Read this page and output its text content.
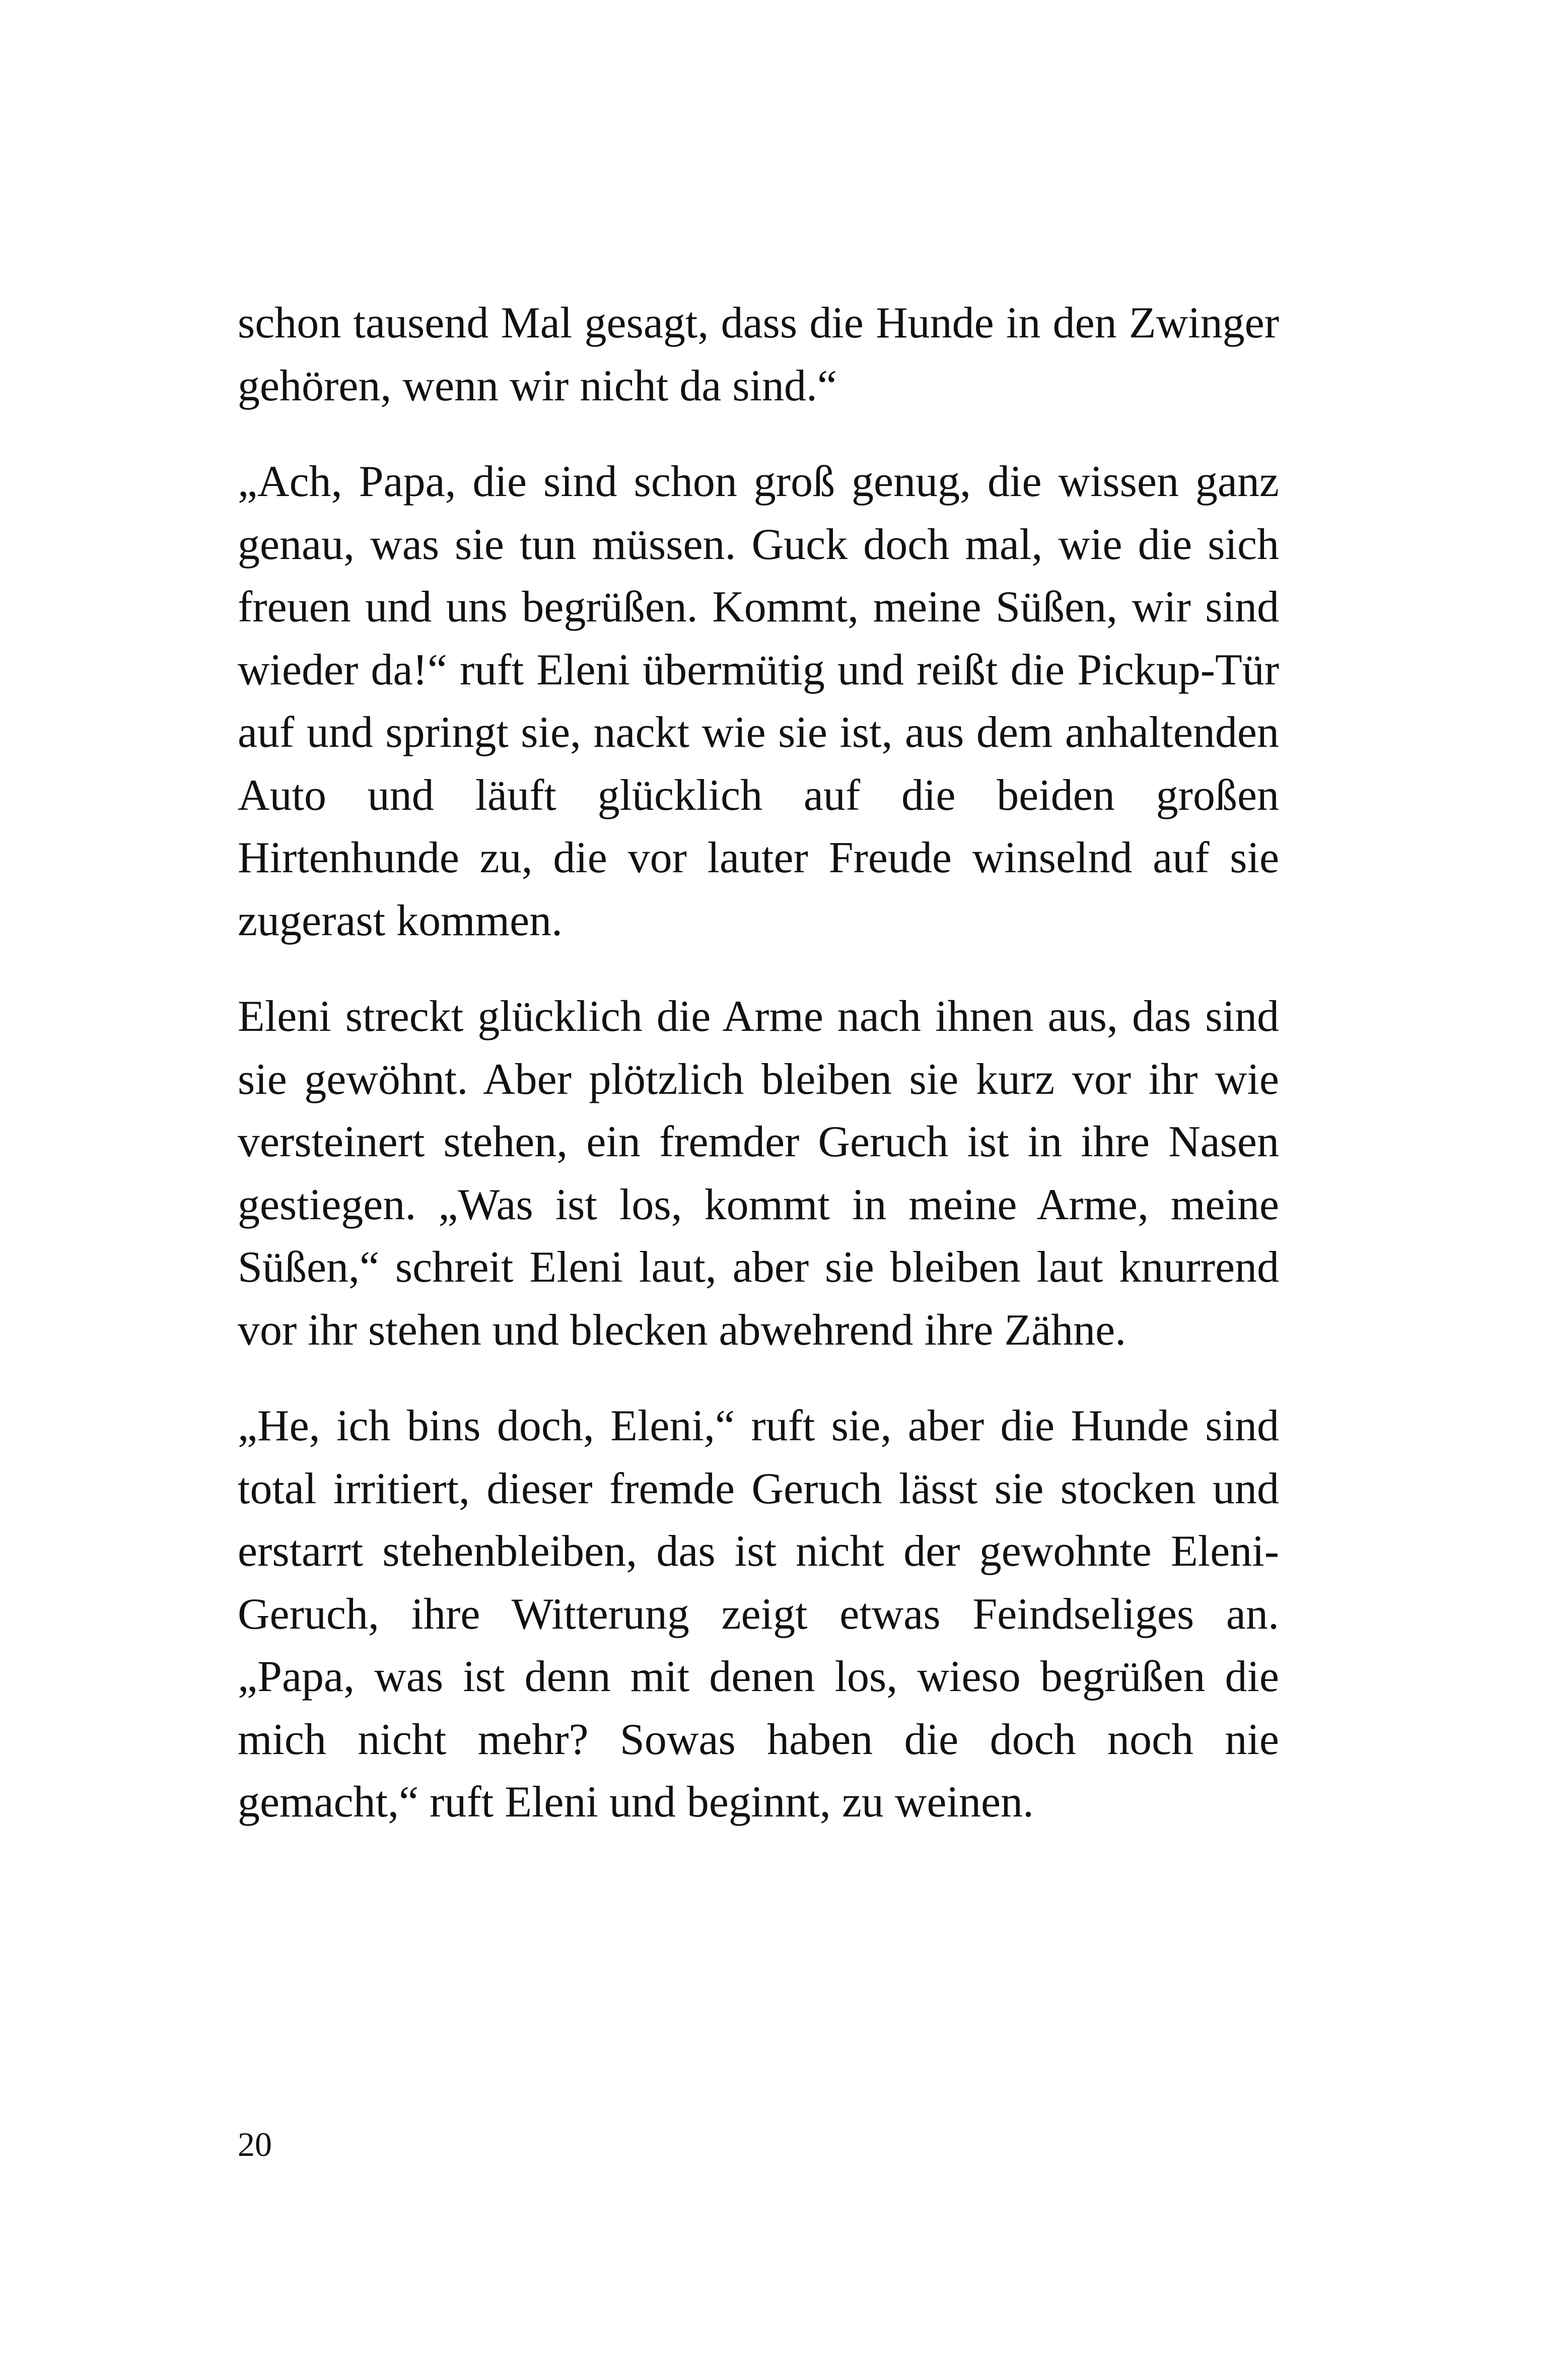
schon tausend Mal gesagt, dass die Hunde in den Zwinger gehören, wenn wir nicht da sind.“

„Ach, Papa, die sind schon groß genug, die wissen ganz genau, was sie tun müssen. Guck doch mal, wie die sich freuen und uns begrüßen. Kommt, meine Süßen, wir sind wieder da!“ ruft Eleni übermütig und reißt die Pickup-Tür auf und springt sie, nackt wie sie ist, aus dem anhaltenden Auto und läuft glücklich auf die beiden großen Hirtenhunde zu, die vor lauter Freude winselnd auf sie zugerast kommen.

Eleni streckt glücklich die Arme nach ihnen aus, das sind sie gewöhnt. Aber plötzlich bleiben sie kurz vor ihr wie versteinert stehen, ein fremder Geruch ist in ihre Nasen gestiegen. „Was ist los, kommt in meine Arme, meine Süßen,“ schreit Eleni laut, aber sie bleiben laut knurrend vor ihr stehen und blecken abwehrend ihre Zähne.

„He, ich bins doch, Eleni,“ ruft sie, aber die Hunde sind total irritiert, dieser fremde Geruch lässt sie stocken und erstarrt stehenbleiben, das ist nicht der gewohnte Eleni-Geruch, ihre Witterung zeigt etwas Feindseliges an. „Papa, was ist denn mit denen los, wieso begrüßen die mich nicht mehr? Sowas haben die doch noch nie gemacht,“ ruft Eleni und beginnt, zu weinen.

20
